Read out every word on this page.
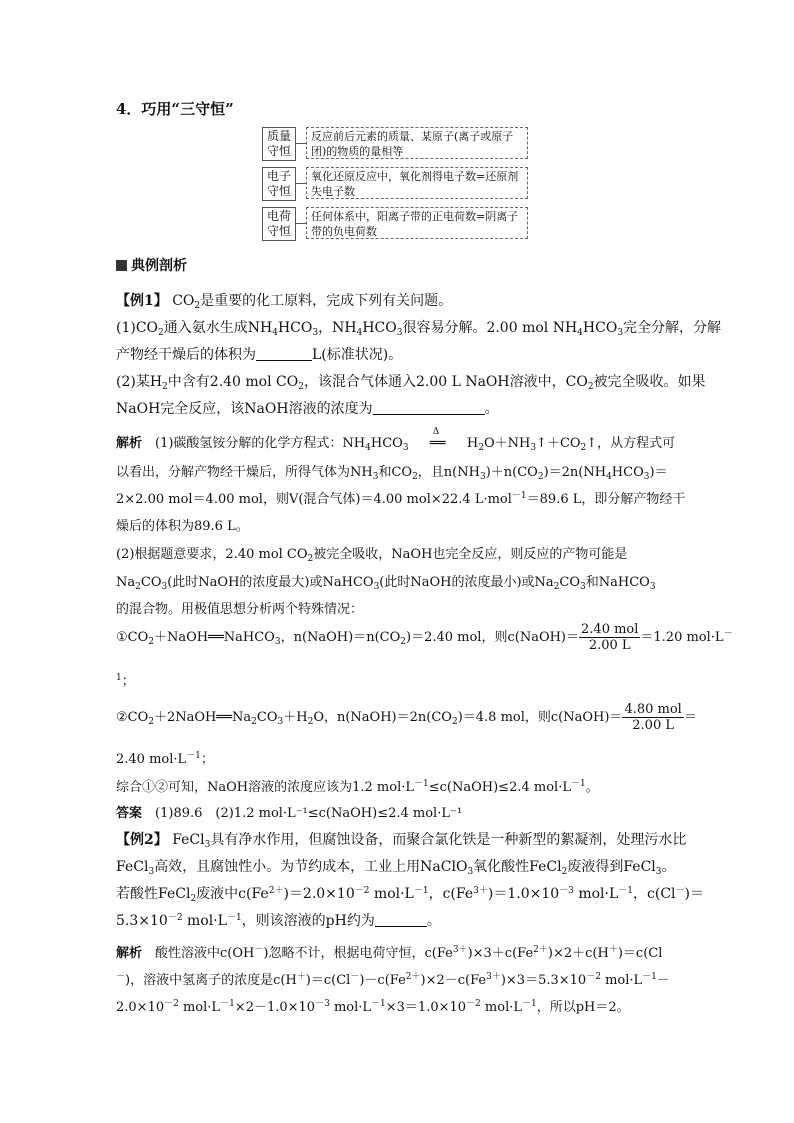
4．巧用“三守恒”
质量守恒
反应前后元素的质量、某原子(离子或原子团)的物质的量相等
电子守恒
氧化还原反应中，氧化剂得电子数=还原剂失电子数
电荷守恒
任何体系中，阳离子带的正电荷数=阴离子带的负电荷数
典例剖析
【例1】 $CO_2$是重要的化工原料，完成下列有关问题。
$(1)CO_2$通入氨水生成$NH_4HCO_3$，$NH_4HCO_3$很容易分解。2.00 mol $NH_4HCO_3$完全分解，分解
产物经干燥后的体积为	L(标准状况)。
(2)某$H_2$中含有2.40 mol $CO_2$，该混合气体通入2.00 L NaOH溶液中，$CO_2$被完全吸收。如果
NaOH完全反应，该NaOH溶液的浓度为	。
解析　(1)碳酸氢铵分解的化学方程式：$NH_4HCO_3$
Δ
══ $H_2O+NH_3↑+CO_2↑$，从方程式可
以看出，分解产物经干燥后，所得气体为$NH_3$和$CO_2$，且$n(NH_3)+n(CO_2)=2n(NH_4HCO_3)=$
2×2.00 mol＝4.00 mol，则V(混合气体)＝4.00 mol×22.4 L·mol$^{-1}$＝89.6 L，即分解产物经干
燥后的体积为89.6 L。
(2)根据题意要求，2.40 mol $CO_2$被完全吸收，NaOH也完全反应，则反应的产物可能是
$Na_2CO_3$(此时NaOH的浓度最大)或NaHCO$_3$(此时NaOH的浓度最小)或$Na_2CO_3$和NaHCO$_3$
的混合物。用极值思想分析两个特殊情况：
$①CO_2+NaOH══NaHCO_3$，$n(NaOH)=n(CO_2)=2.40$ mol，则c(NaOH)＝ $\frac{\text{2.40 mol}}{2.00 L} =1.20$ mol·L－
$^1$；
$②CO_2+2NaOH══Na_2CO_3+H_2O$，$n(NaOH)=2n(CO_2)=4.8$ mol，则c(NaOH)＝ $\frac{\text{4.80 mol}}{2.00 L}$ ＝
2.40 $mol\cdot L^{-1}$；
综合①②可知，NaOH溶液的浓度应该为1.2 $mol\cdot L^{-1}\le c(NaOH)\le 2.4$ $mol\cdot L^{-1}$。
答案　 (1)89.6　(2)1.2 mol·L⁻¹≤c(NaOH)≤2.4 mol·L⁻¹
【例2】 FeCl$_3$具有净水作用，但腐蚀设备，而聚合氯化铁是一种新型的絮凝剂，处理污水比
FeCl$_3$高效，且腐蚀性小。为节约成本，工业上用NaClO$_3$氧化酸性FeCl$_2$废液得到FeCl$_3$。
若酸性FeCl$_2$废液中$c(Fe^{2+})=2.0\times 10^{-2}$ $mol\cdot L^{-1}$，$c(Fe^{3+})=1.0\times 10^{-3}$ $mol\cdot L^{-1}$，c(Cl－)＝
$5.3\times 10^{-2}$ $mol\cdot L^{-1}$，则该溶液的pH约为	。
解析　酸性溶液中c(OH－)忽略不计，根据电荷守恒，$c(Fe^{3+})\times 3+c(Fe^{2+})\times 2+c(H^+)=c(Cl$
－)，溶液中氢离子的浓度是$c(H^+)=c(Cl^-)-c(Fe^{2+})\times 2-c(Fe^{3+})\times 3=5.3\times 10^{-2}$ $mol\cdot L^{-1}-$
$2.0\times 10^{-2}$ $mol\cdot L^{-1}\times 2-1.0\times 10^{-3}$ $mol\cdot L^{-1}\times 3=1.0\times 10^{-2}$ $mol\cdot L^{-1}$，所以pH＝2。
